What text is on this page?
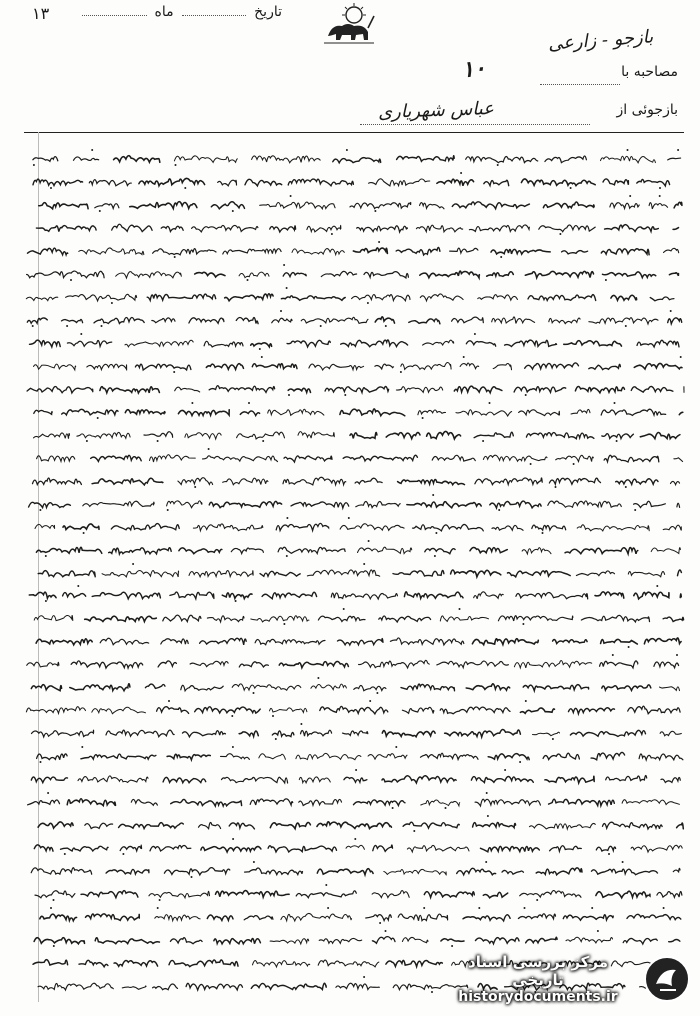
۱۳	تاریخ
ماه
بازجو - زارعی
مصاحبه با
۱۰
بازجوئی از
عباس شهریاری
مرکز بررسی اسناد تاریخی
historydocuments.ir
